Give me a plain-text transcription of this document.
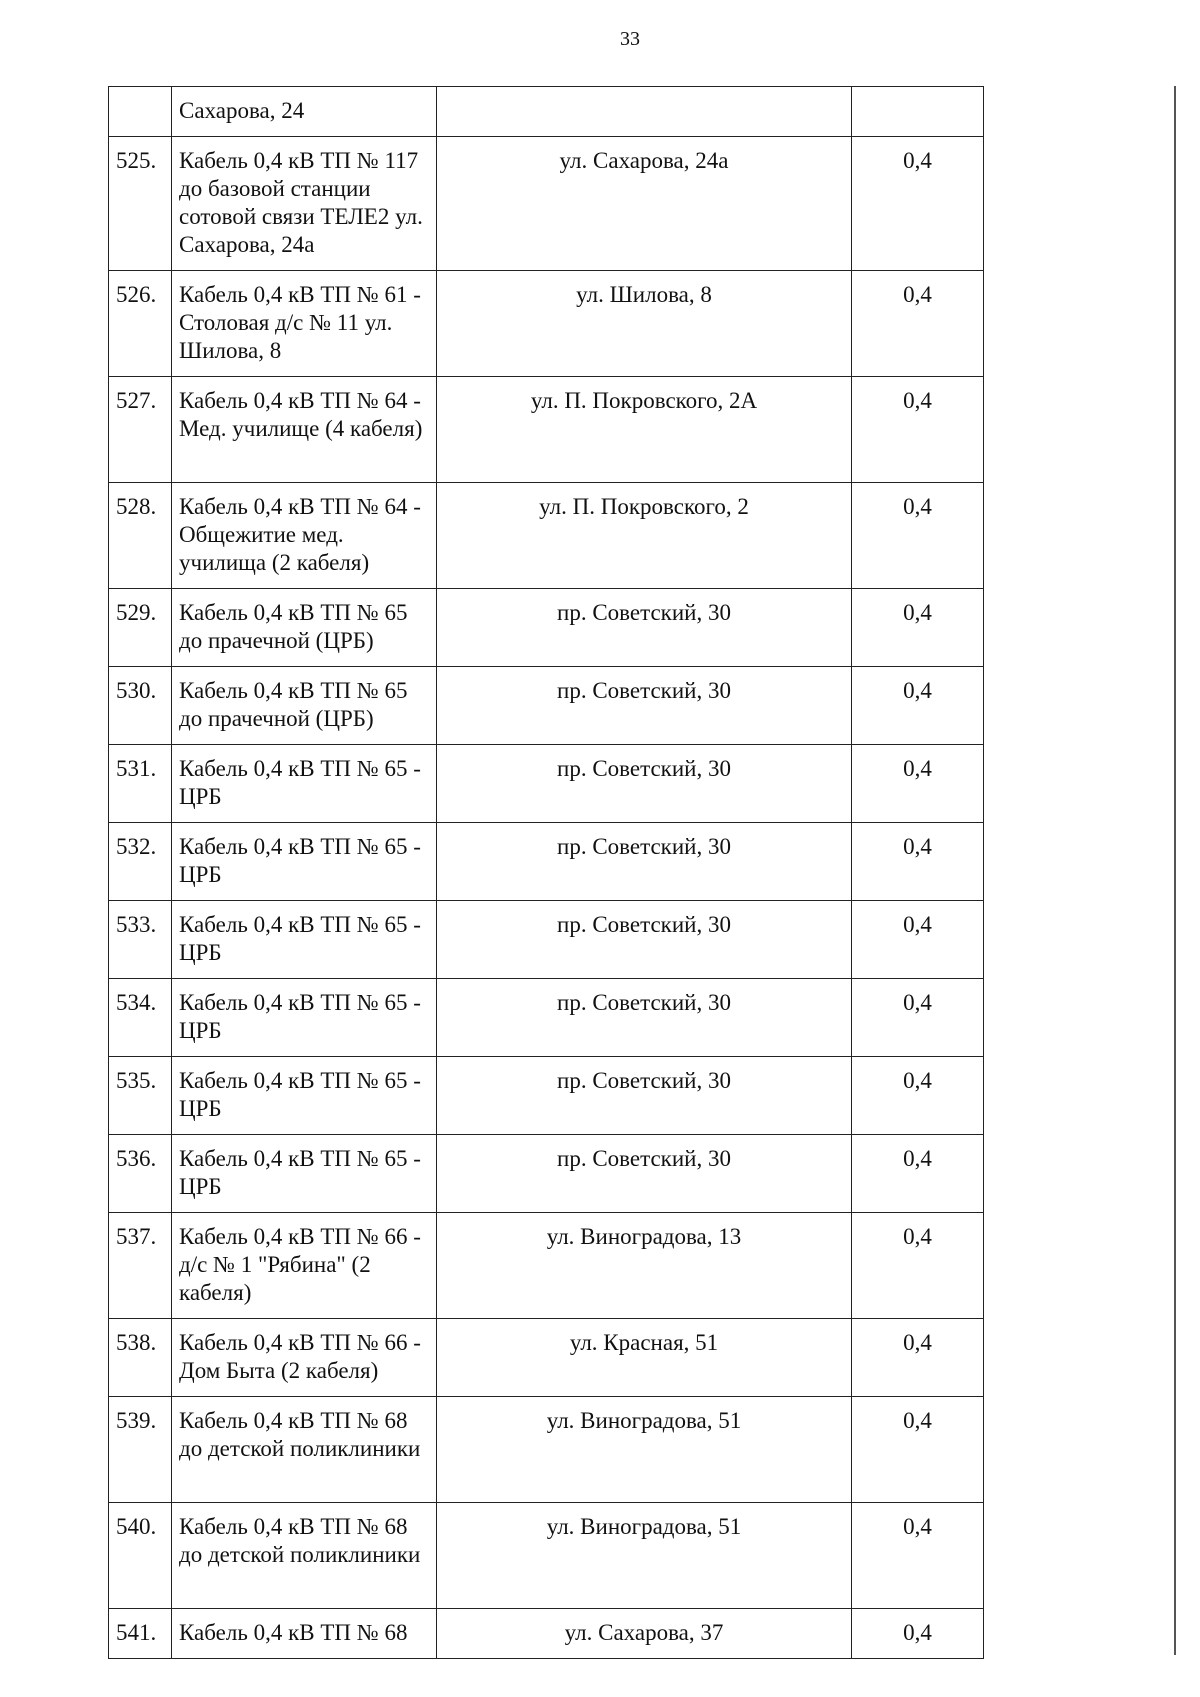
33
	Сахарова, 24		
525.	Кабель 0,4 кВ ТП № 117 до базовой станции сотовой связи ТЕЛЕ2 ул. Сахарова, 24а	ул. Сахарова, 24а	0,4
526.	Кабель 0,4 кВ ТП № 61 - Столовая д/с № 11 ул. Шилова, 8	ул. Шилова, 8	0,4
527.	Кабель 0,4 кВ ТП № 64 - Мед. училище (4 кабеля)	ул. П. Покровского, 2А	0,4
528.	Кабель 0,4 кВ ТП № 64 - Общежитие мед. училища (2 кабеля)	ул. П. Покровского, 2	0,4
529.	Кабель 0,4 кВ ТП № 65 до прачечной (ЦРБ)	пр. Советский, 30	0,4
530.	Кабель 0,4 кВ ТП № 65 до прачечной (ЦРБ)	пр. Советский, 30	0,4
531.	Кабель 0,4 кВ ТП № 65 - ЦРБ	пр. Советский, 30	0,4
532.	Кабель 0,4 кВ ТП № 65 - ЦРБ	пр. Советский, 30	0,4
533.	Кабель 0,4 кВ ТП № 65 - ЦРБ	пр. Советский, 30	0,4
534.	Кабель 0,4 кВ ТП № 65 - ЦРБ	пр. Советский, 30	0,4
535.	Кабель 0,4 кВ ТП № 65 - ЦРБ	пр. Советский, 30	0,4
536.	Кабель 0,4 кВ ТП № 65 - ЦРБ	пр. Советский, 30	0,4
537.	Кабель 0,4 кВ ТП № 66 - д/с № 1 "Рябина" (2 кабеля)	ул. Виноградова, 13	0,4
538.	Кабель 0,4 кВ ТП № 66 - Дом Быта (2 кабеля)	ул. Красная, 51	0,4
539.	Кабель 0,4 кВ ТП № 68 до детской поликлиники	ул. Виноградова, 51	0,4
540.	Кабель 0,4 кВ ТП № 68 до детской поликлиники	ул. Виноградова, 51	0,4
541.	Кабель 0,4 кВ ТП № 68	ул. Сахарова, 37	0,4
